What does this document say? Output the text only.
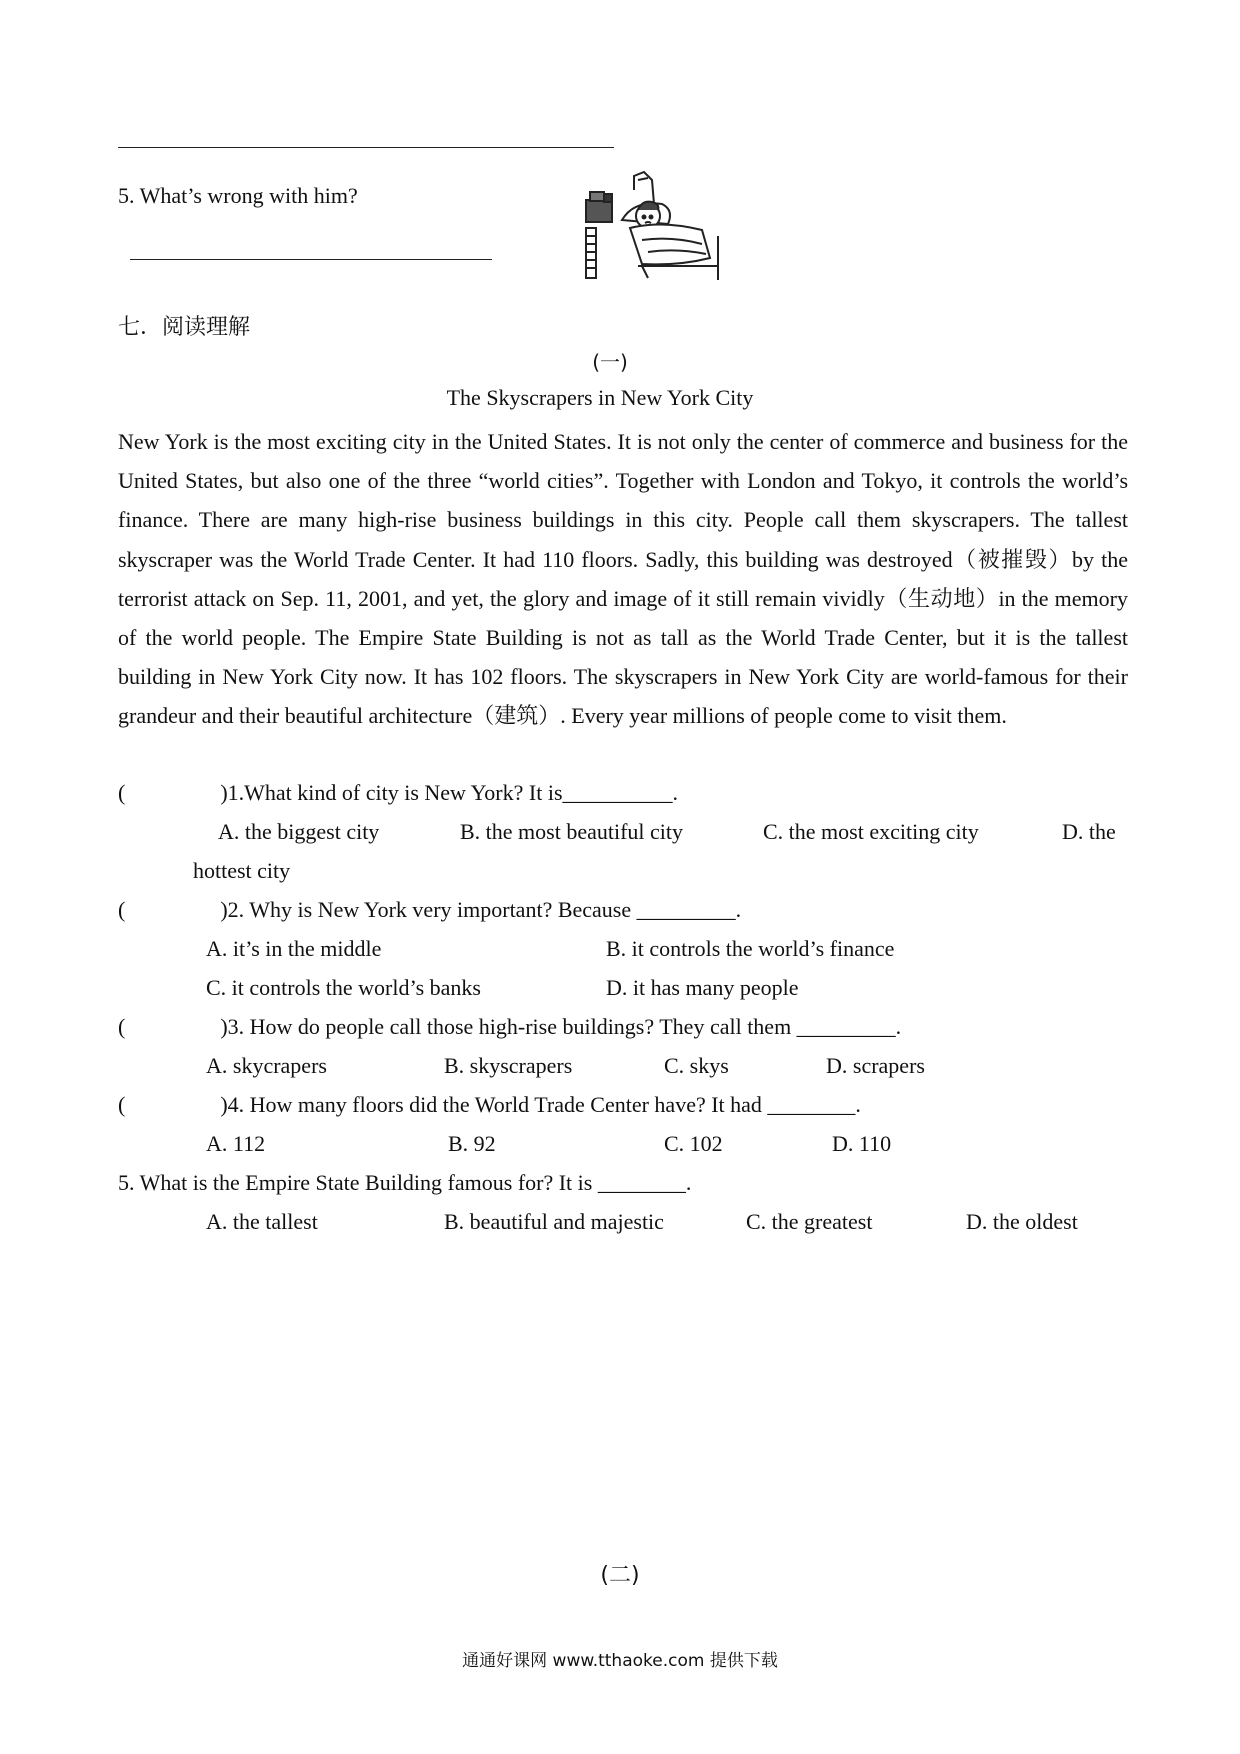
5. What’s wrong with him?
七．阅读理解
(一)
The Skyscrapers in New York City
New York is the most exciting city in the United States. It is not only the center of commerce and business for the United States, but also one of the three “world cities”. Together with London and Tokyo, it controls the world’s finance. There are many high-rise business buildings in this city. People call them skyscrapers. The tallest skyscraper was the World Trade Center. It had 110 floors. Sadly, this building was destroyed（被摧毁）by the terrorist attack on Sep. 11, 2001, and yet, the glory and image of it still remain vividly（生动地）in the memory of the world people. The Empire State Building is not as tall as the World Trade Center, but it is the tallest building in New York City now. It has 102 floors. The skyscrapers in New York City are world-famous for their grandeur and their beautiful architecture（建筑）. Every year millions of people come to visit them.
(	)1.What kind of city is New York? It is__________.
A. the biggest city	B. the most beautiful city	C. the most exciting city	D. the
hottest city
(	)2. Why is New York very important? Because _________.
A. it’s in the middle	B. it controls the world’s finance
C. it controls the world’s banks	D. it has many people
(	)3. How do people call those high-rise buildings? They call them _________.
A. skycrapers	B. skyscrapers	C. skys	D. scrapers
(	)4. How many floors did the World Trade Center have? It had ________.
A. 112	B. 92	C. 102	D. 110
5. What is the Empire State Building famous for? It is ________.
A. the tallest	B. beautiful and majestic	C. the greatest	D. the oldest
(二)
通通好课网 www.tthaoke.com 提供下载
